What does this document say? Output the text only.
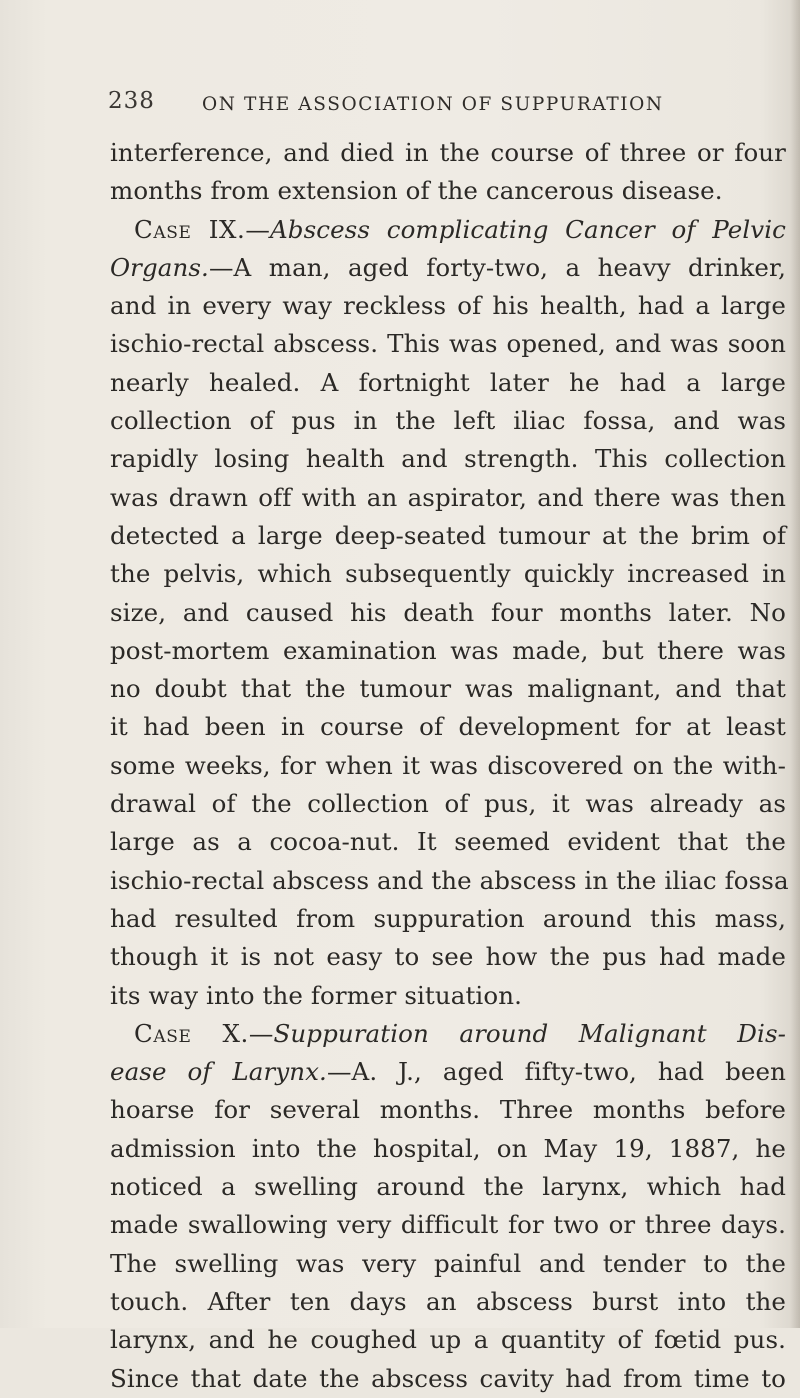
238	ON THE ASSOCIATION OF SUPPURATION
interference, and died in the course of three or four
months from extension of the cancerous disease.
Case IX.—Abscess complicating Cancer of Pelvic
Organs.—A man, aged forty-two, a heavy drinker,
and in every way reckless of his health, had a large
ischio-rectal abscess. This was opened, and was soon
nearly healed. A fortnight later he had a large
collection of pus in the left iliac fossa, and was
rapidly losing health and strength. This collection
was drawn off with an aspirator, and there was then
detected a large deep-seated tumour at the brim of
the pelvis, which subsequently quickly increased in
size, and caused his death four months later. No
post-mortem examination was made, but there was
no doubt that the tumour was malignant, and that
it had been in course of development for at least
some weeks, for when it was discovered on the with-
drawal of the collection of pus, it was already as
large as a cocoa-nut. It seemed evident that the
ischio-rectal abscess and the abscess in the iliac fossa
had resulted from suppuration around this mass,
though it is not easy to see how the pus had made
its way into the former situation.
Case X.—Suppuration around Malignant Dis-
ease of Larynx.—A. J., aged fifty-two, had been
hoarse for several months. Three months before
admission into the hospital, on May 19, 1887, he
noticed a swelling around the larynx, which had
made swallowing very difficult for two or three days.
The swelling was very painful and tender to the
touch. After ten days an abscess burst into the
larynx, and he coughed up a quantity of fœtid pus.
Since that date the abscess cavity had from time to
